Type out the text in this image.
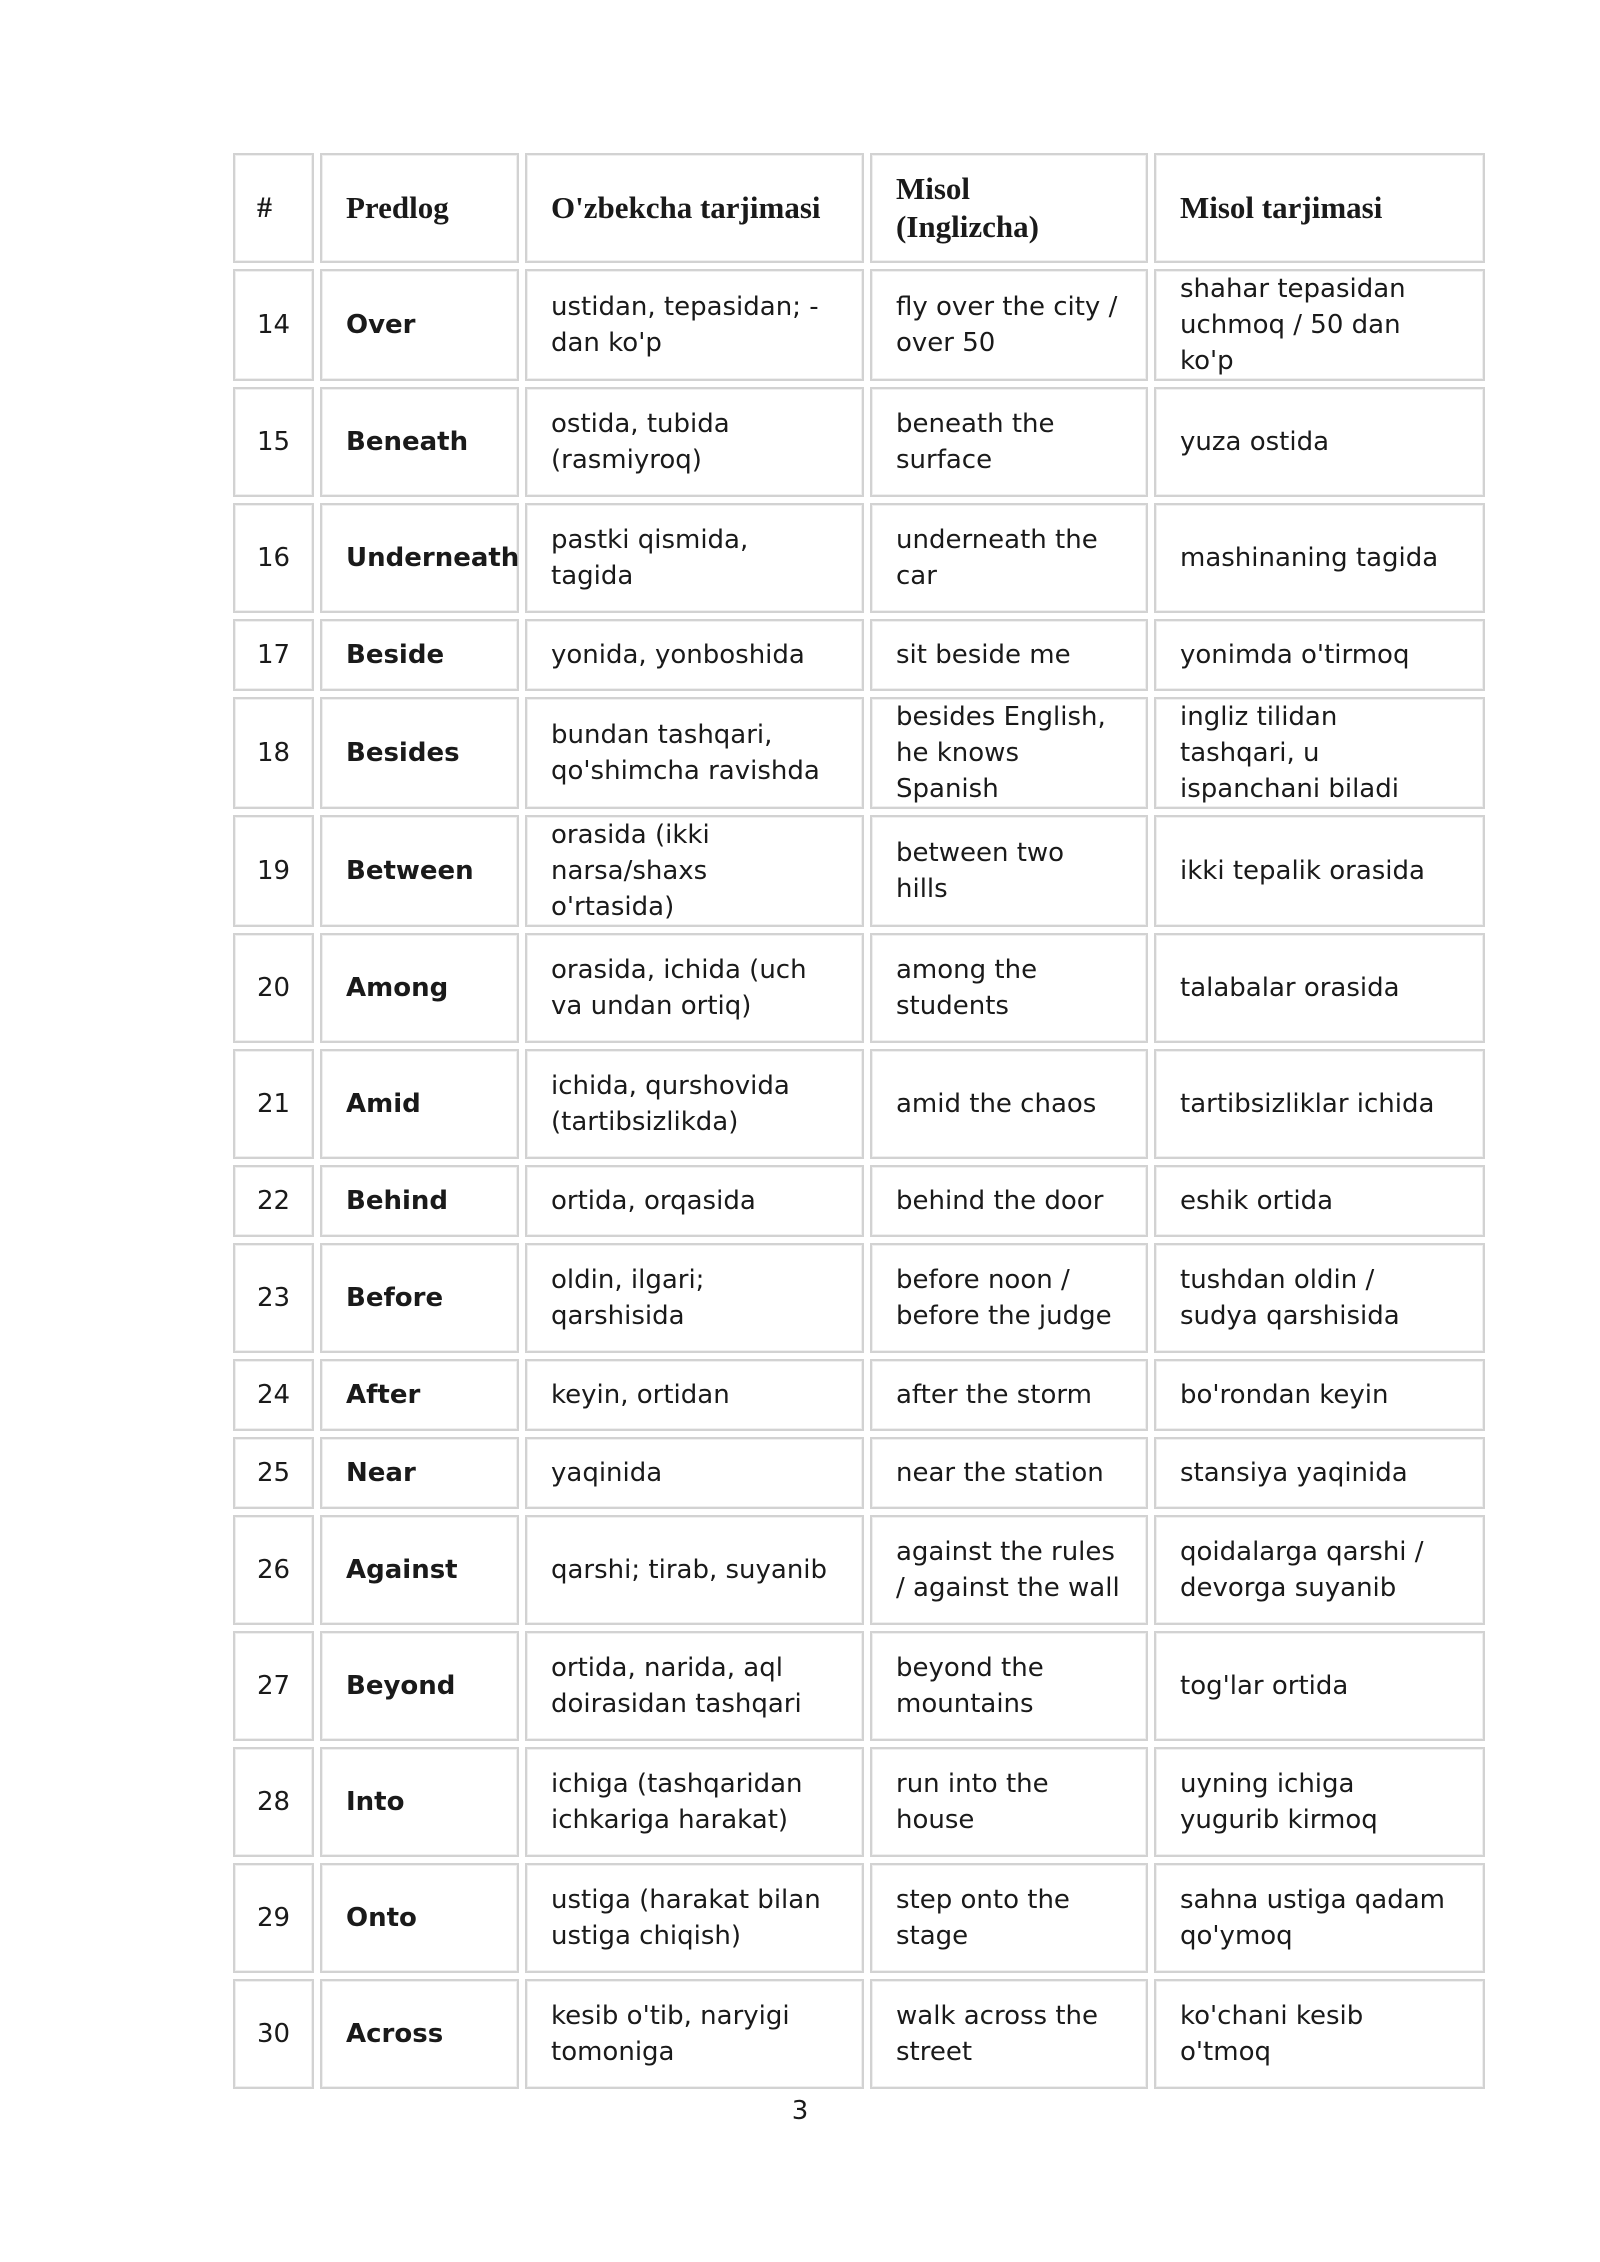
#	Predlog	O'zbekcha tarjimasi	Misol (Inglizcha)	Misol tarjimasi
14	Over	ustidan, tepasidan; -dan ko'p	fly over the city / over 50	shahar tepasidan uchmoq / 50 dan ko'p
15	Beneath	ostida, tubida (rasmiyroq)	beneath the surface	yuza ostida
16	Underneath	pastki qismida, tagida	underneath the car	mashinaning tagida
17	Beside	yonida, yonboshida	sit beside me	yonimda o'tirmoq
18	Besides	bundan tashqari, qo'shimcha ravishda	besides English, he knows Spanish	ingliz tilidan tashqari, u ispanchani biladi
19	Between	orasida (ikki narsa/shaxs o'rtasida)	between two hills	ikki tepalik orasida
20	Among	orasida, ichida (uch va undan ortiq)	among the students	talabalar orasida
21	Amid	ichida, qurshovida (tartibsizlikda)	amid the chaos	tartibsizliklar ichida
22	Behind	ortida, orqasida	behind the door	eshik ortida
23	Before	oldin, ilgari; qarshisida	before noon / before the judge	tushdan oldin / sudya qarshisida
24	After	keyin, ortidan	after the storm	bo'rondan keyin
25	Near	yaqinida	near the station	stansiya yaqinida
26	Against	qarshi; tirab, suyanib	against the rules / against the wall	qoidalarga qarshi / devorga suyanib
27	Beyond	ortida, narida, aql doirasidan tashqari	beyond the mountains	tog'lar ortida
28	Into	ichiga (tashqaridan ichkariga harakat)	run into the house	uyning ichiga yugurib kirmoq
29	Onto	ustiga (harakat bilan ustiga chiqish)	step onto the stage	sahna ustiga qadam qo'ymoq
30	Across	kesib o'tib, naryigi tomoniga	walk across the street	ko'chani kesib o'tmoq
3
